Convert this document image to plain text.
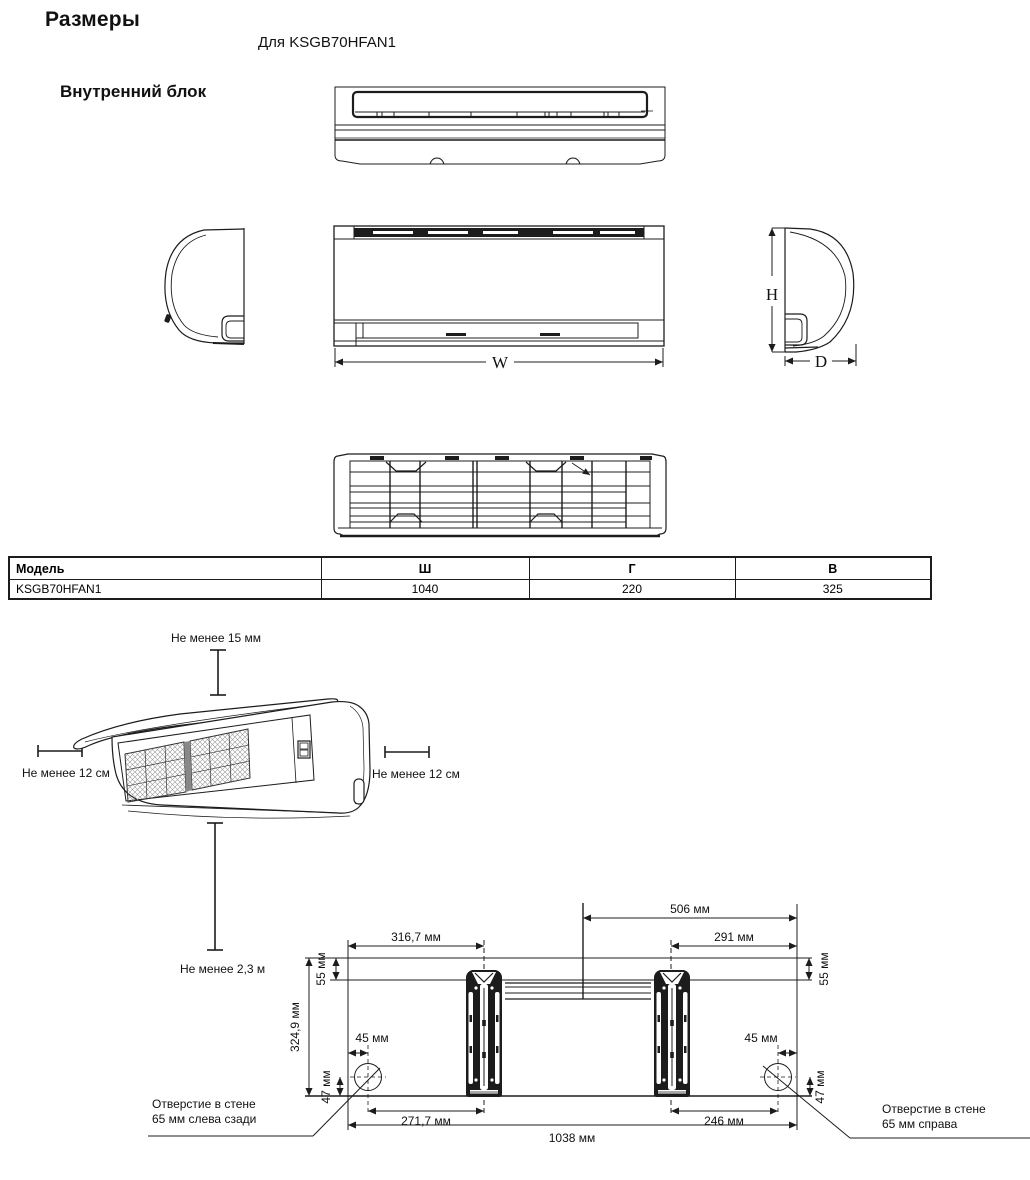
Размеры
Для KSGB70HFAN1
Внутренний блок
W
H
D
Модель	Ш	Г	В
KSGB70HFAN1	1040	220	325
Не менее 15 мм
Не менее 12 см	Не менее 12 см
Не менее 2,3 м
506 мм
316,7 мм	291 мм
55 мм	55 мм
324,9 мм	45 мм	45 мм
47 мм	47 мм
271,7 мм	246 мм
1038 мм
Отверстие в стене
65 мм слева сзади
Отверстие в стене
65 мм справа
